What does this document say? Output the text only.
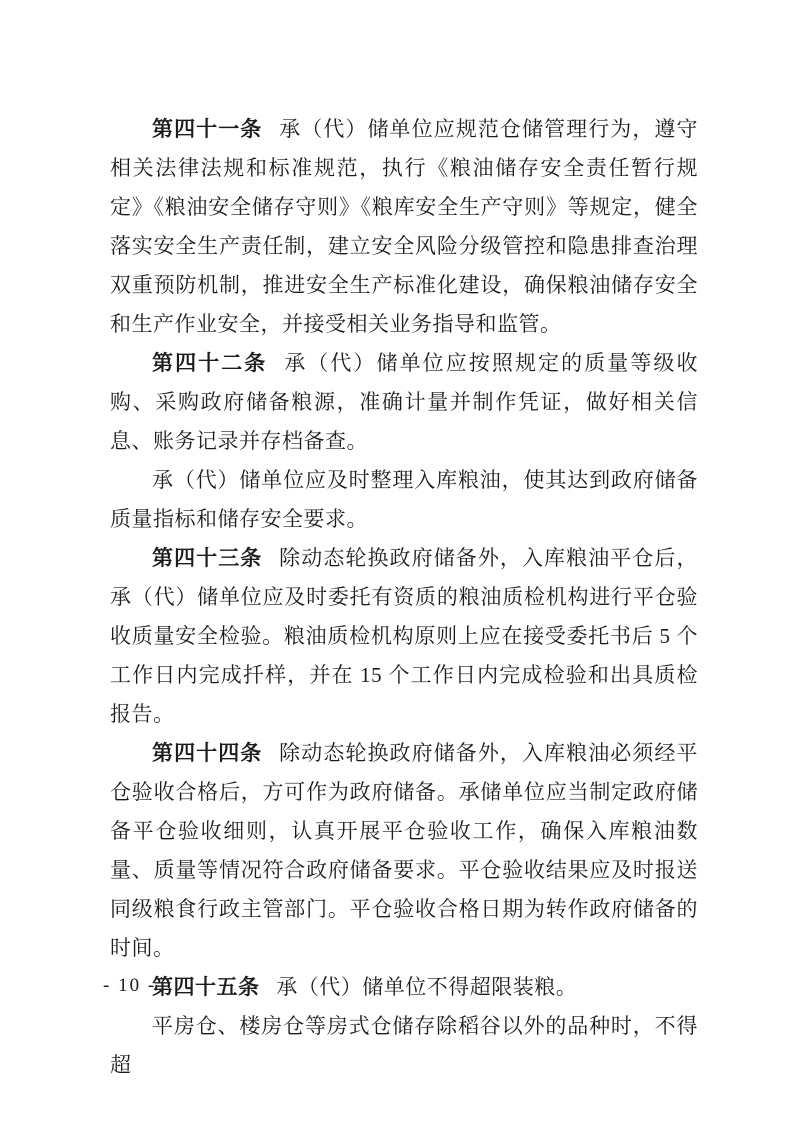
第四十一条 承（代）储单位应规范仓储管理行为，遵守相关法律法规和标准规范，执行《粮油储存安全责任暂行规定》《粮油安全储存守则》《粮库安全生产守则》等规定，健全落实安全生产责任制，建立安全风险分级管控和隐患排查治理双重预防机制，推进安全生产标准化建设，确保粮油储存安全和生产作业安全，并接受相关业务指导和监管。

第四十二条 承（代）储单位应按照规定的质量等级收购、采购政府储备粮源，准确计量并制作凭证，做好相关信息、账务记录并存档备查。

承（代）储单位应及时整理入库粮油，使其达到政府储备质量指标和储存安全要求。

第四十三条 除动态轮换政府储备外，入库粮油平仓后，承（代）储单位应及时委托有资质的粮油质检机构进行平仓验收质量安全检验。粮油质检机构原则上应在接受委托书后 5 个工作日内完成扦样，并在 15 个工作日内完成检验和出具质检报告。

第四十四条 除动态轮换政府储备外，入库粮油必须经平仓验收合格后，方可作为政府储备。承储单位应当制定政府储备平仓验收细则，认真开展平仓验收工作，确保入库粮油数量、质量等情况符合政府储备要求。平仓验收结果应及时报送同级粮食行政主管部门。平仓验收合格日期为转作政府储备的时间。

第四十五条 承（代）储单位不得超限装粮。

平房仓、楼房仓等房式仓储存除稻谷以外的品种时，不得超

- 10 -
